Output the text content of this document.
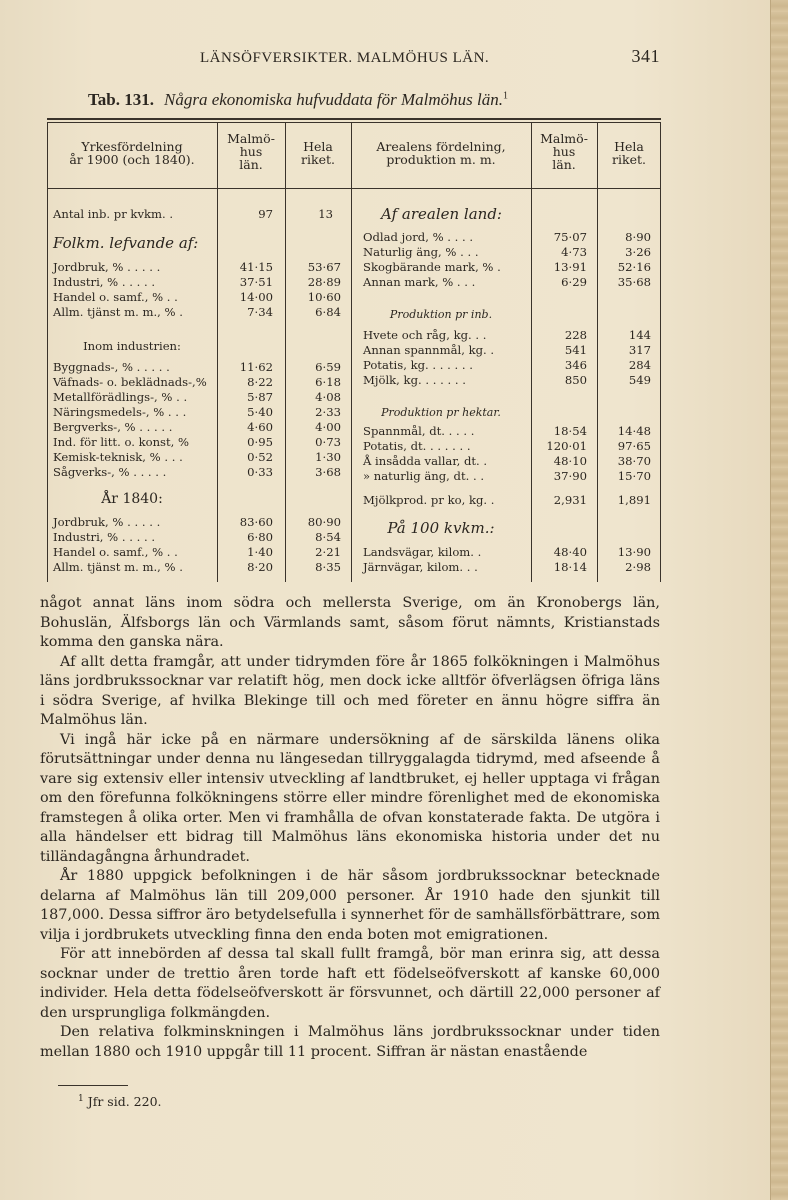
LÄNSÖFVERSIKTER. MALMÖHUS LÄN.	341
Tab. 131. Några ekonomiska hufvuddata för Malmöhus län.$^1$
Yrkesfördelning
år 1900 (och 1840).
Malmö-
hus
län.
Hela
riket.
Arealens fördelning,
produktion m. m.
Malmö-
hus
län.
Hela
riket.
Antal inb. pr kvkm. .	97	13
Folkm. lefvande af:
Jordbruk, % . . . . .	41·15	53·67
Industri, % . . . . .	37·51	28·89
Handel o. samf., % . .	14·00	10·60
Allm. tjänst m. m., % .	7·34	6·84
Inom industrien:
Byggnads-, % . . . . .	11·62	6·59
Väfnads- o. beklädnads-,%	8·22	6·18
Metallförädlings-, % . .	5·87	4·08
Näringsmedels-, % . . .	5·40	2·33
Bergverks-, % . . . . .	4·60	4·00
Ind. för litt. o. konst, %	0·95	0·73
Kemisk-teknisk, % . . .	0·52	1·30
Sågverks-, % . . . . .	0·33	3·68
År 1840:
Jordbruk, % . . . . .	83·60	80·90
Industri, % . . . . .	6·80	8·54
Handel o. samf., % . .	1·40	2·21
Allm. tjänst m. m., % .	8·20	8·35
Af arealen land:
Odlad jord, % . . . .	75·07	8·90
Naturlig äng, % . . .	4·73	3·26
Skogbärande mark, % .	13·91	52·16
Annan mark, % . . .	6·29	35·68
Produktion pr inb.
Hvete och råg, kg. . .	228	144
Annan spannmål, kg. .	541	317
Potatis, kg. . . . . . .	346	284
Mjölk, kg. . . . . . .	850	549
Produktion pr hektar.
Spannmål, dt. . . . .	18·54	14·48
Potatis, dt. . . . . . .	120·01	97·65
Å insådda vallar, dt. .	48·10	38·70
» naturlig äng, dt. . .	37·90	15·70
Mjölkprod. pr ko, kg. .	2,931	1,891
På 100 kvkm.:
Landsvägar, kilom. .	48·40	13·90
Järnvägar, kilom. . .	18·14	2·98

något annat läns inom södra och mellersta Sverige, om än Kronobergs län, Bohuslän, Älfsborgs län och Värmlands samt, såsom förut nämnts, Kristianstads komma den ganska nära.

Af allt detta framgår, att under tidrymden före år 1865 folkökningen i Malmöhus läns jordbrukssocknar var relatift hög, men dock icke alltför öfverlägsen öfriga läns i södra Sverige, af hvilka Blekinge till och med företer en ännu högre siffra än Malmöhus län.

Vi ingå här icke på en närmare undersökning af de särskilda länens olika förutsättningar under denna nu längesedan tillryggalagda tidrymd, med afseende å vare sig extensiv eller intensiv utveckling af landtbruket, ej heller upptaga vi frågan om den förefunna folkökningens större eller mindre förenlighet med de ekonomiska framstegen å olika orter. Men vi framhålla de ofvan konstaterade fakta. De utgöra i alla händelser ett bidrag till Malmöhus läns ekonomiska historia under det nu tilländagångna århundradet.

År 1880 uppgick befolkningen i de här såsom jordbrukssocknar betecknade delarna af Malmöhus län till 209,000 personer. År 1910 hade den sjunkit till 187,000. Dessa siffror äro betydelsefulla i synnerhet för de samhällsförbättrare, som vilja i jordbrukets utveckling finna den enda boten mot emigrationen.

För att innebörden af dessa tal skall fullt framgå, bör man erinra sig, att dessa socknar under de trettio åren torde haft ett födelseöfverskott af kanske 60,000 individer. Hela detta födelseöfverskott är försvunnet, och därtill 22,000 personer af den ursprungliga folkmängden.

Den relativa folkminskningen i Malmöhus läns jordbrukssocknar under tiden mellan 1880 och 1910 uppgår till 11 procent. Siffran är nästan enastående

$^1$ Jfr sid. 220.
